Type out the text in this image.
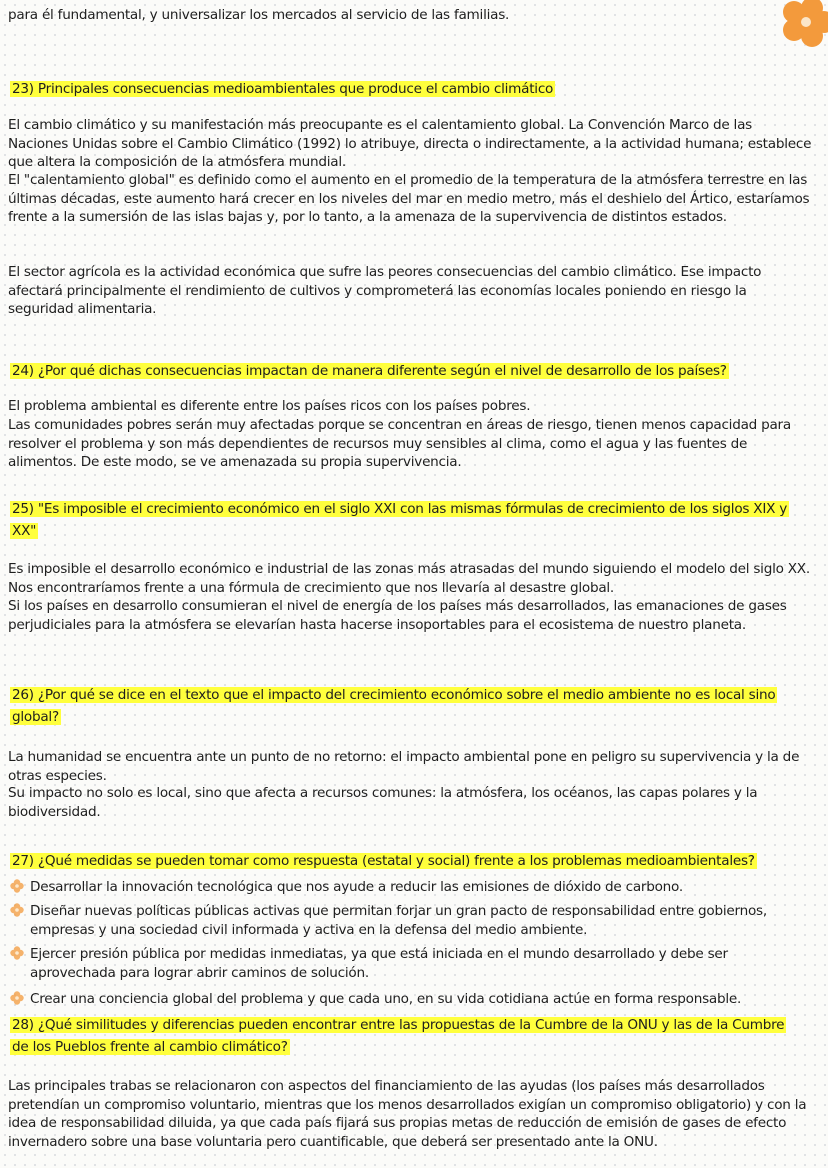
para él fundamental, y universalizar los mercados al servicio de las familias.
23) Principales consecuencias medioambientales que produce el cambio climático
El cambio climático y su manifestación más preocupante es el calentamiento global. La Convención Marco de las Naciones Unidas sobre el Cambio Climático (1992) lo atribuye, directa o indirectamente, a la actividad humana; establece que altera la composición de la atmósfera mundial.
El "calentamiento global" es definido como el aumento en el promedio de la temperatura de la atmósfera terrestre en las últimas décadas, este aumento hará crecer en los niveles del mar en medio metro, más el deshielo del Ártico, estaríamos frente a la sumersión de las islas bajas y, por lo tanto, a la amenaza de la supervivencia de distintos estados.
El sector agrícola es la actividad económica que sufre las peores consecuencias del cambio climático. Ese impacto afectará principalmente el rendimiento de cultivos y comprometerá las economías locales poniendo en riesgo la seguridad alimentaria.
24) ¿Por qué dichas consecuencias impactan de manera diferente según el nivel de desarrollo de los países?
El problema ambiental es diferente entre los países ricos con los países pobres.
Las comunidades pobres serán muy afectadas porque se concentran en áreas de riesgo, tienen menos capacidad para resolver el problema y son más dependientes de recursos muy sensibles al clima, como el agua y las fuentes de alimentos. De este modo, se ve amenazada su propia supervivencia.
25) "Es imposible el crecimiento económico en el siglo XXI con las mismas fórmulas de crecimiento de los siglos XIX y XX"
Es imposible el desarrollo económico e industrial de las zonas más atrasadas del mundo siguiendo el modelo del siglo XX. Nos encontraríamos frente a una fórmula de crecimiento que nos llevaría al desastre global.
Si los países en desarrollo consumieran el nivel de energía de los países más desarrollados, las emanaciones de gases perjudiciales para la atmósfera se elevarían hasta hacerse insoportables para el ecosistema de nuestro planeta.
26) ¿Por qué se dice en el texto que el impacto del crecimiento económico sobre el medio ambiente no es local sino global?
La humanidad se encuentra ante un punto de no retorno: el impacto ambiental pone en peligro su supervivencia y la de otras especies.
Su impacto no solo es local, sino que afecta a recursos comunes: la atmósfera, los océanos, las capas polares y la biodiversidad.
27) ¿Qué medidas se pueden tomar como respuesta (estatal y social) frente a los problemas medioambientales?
Desarrollar la innovación tecnológica que nos ayude a reducir las emisiones de dióxido de carbono.
Diseñar nuevas políticas públicas activas que permitan forjar un gran pacto de responsabilidad entre gobiernos, empresas y una sociedad civil informada y activa en la defensa del medio ambiente.
Ejercer presión pública por medidas inmediatas, ya que está iniciada en el mundo desarrollado y debe ser aprovechada para lograr abrir caminos de solución.
Crear una conciencia global del problema y que cada uno, en su vida cotidiana actúe en forma responsable.
28) ¿Qué similitudes y diferencias pueden encontrar entre las propuestas de la Cumbre de la ONU y las de la Cumbre de los Pueblos frente al cambio climático?
Las principales trabas se relacionaron con aspectos del financiamiento de las ayudas (los países más desarrollados pretendían un compromiso voluntario, mientras que los menos desarrollados exigían un compromiso obligatorio) y con la idea de responsabilidad diluida, ya que cada país fijará sus propias metas de reducción de emisión de gases de efecto invernadero sobre una base voluntaria pero cuantificable, que deberá ser presentado ante la ONU.
